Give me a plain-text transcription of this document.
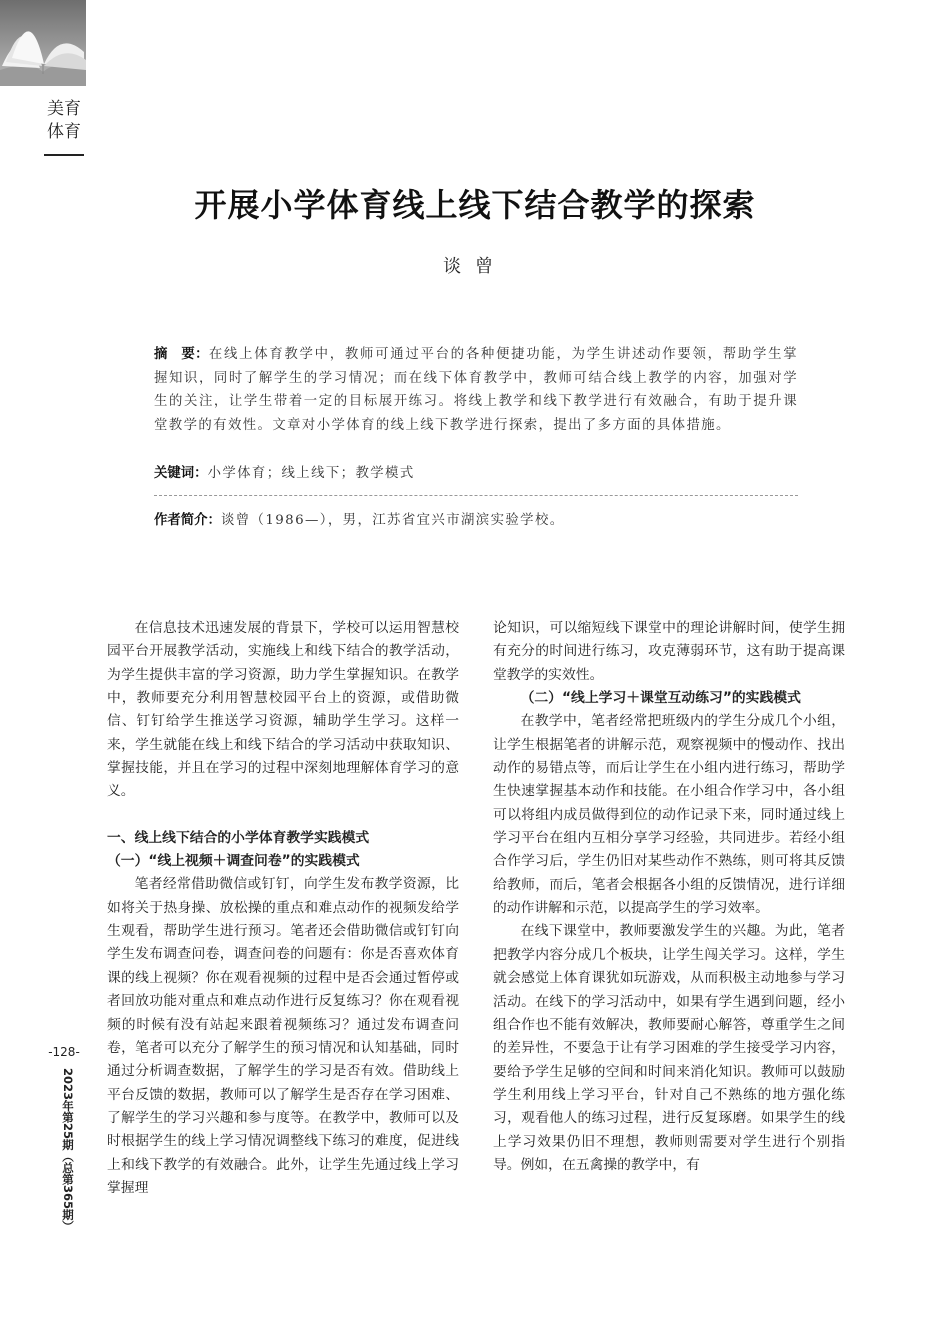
美育
体育
开展小学体育线上线下结合教学的探索
谈曾
摘　要：在线上体育教学中，教师可通过平台的各种便捷功能，为学生讲述动作要领，帮助学生掌握知识，同时了解学生的学习情况；而在线下体育教学中，教师可结合线上教学的内容，加强对学生的关注，让学生带着一定的目标展开练习。将线上教学和线下教学进行有效融合，有助于提升课堂教学的有效性。文章对小学体育的线上线下教学进行探索，提出了多方面的具体措施。
关键词：小学体育；线上线下；教学模式
作者简介：谈曾（1986—），男，江苏省宜兴市湖滨实验学校。

在信息技术迅速发展的背景下，学校可以运用智慧校园平台开展教学活动，实施线上和线下结合的教学活动，为学生提供丰富的学习资源，助力学生掌握知识。在教学中，教师要充分利用智慧校园平台上的资源，或借助微信、钉钉给学生推送学习资源，辅助学生学习。这样一来，学生就能在线上和线下结合的学习活动中获取知识、掌握技能，并且在学习的过程中深刻地理解体育学习的意义。

一、线上线下结合的小学体育教学实践模式
（一）“线上视频＋调查问卷”的实践模式

笔者经常借助微信或钉钉，向学生发布教学资源，比如将关于热身操、放松操的重点和难点动作的视频发给学生观看，帮助学生进行预习。笔者还会借助微信或钉钉向学生发布调查问卷，调查问卷的问题有：你是否喜欢体育课的线上视频？你在观看视频的过程中是否会通过暂停或者回放功能对重点和难点动作进行反复练习？你在观看视频的时候有没有站起来跟着视频练习？通过发布调查问卷，笔者可以充分了解学生的预习情况和认知基础，同时通过分析调查数据，了解学生的学习是否有效。借助线上平台反馈的数据，教师可以了解学生是否存在学习困难、了解学生的学习兴趣和参与度等。在教学中，教师可以及时根据学生的线上学习情况调整线下练习的难度，促进线上和线下教学的有效融合。此外，让学生先通过线上学习掌握理

论知识，可以缩短线下课堂中的理论讲解时间，使学生拥有充分的时间进行练习，攻克薄弱环节，这有助于提高课堂教学的实效性。

（二）“线上学习＋课堂互动练习”的实践模式

在教学中，笔者经常把班级内的学生分成几个小组，让学生根据笔者的讲解示范，观察视频中的慢动作、找出动作的易错点等，而后让学生在小组内进行练习，帮助学生快速掌握基本动作和技能。在小组合作学习中，各小组可以将组内成员做得到位的动作记录下来，同时通过线上学习平台在组内互相分享学习经验，共同进步。若经小组合作学习后，学生仍旧对某些动作不熟练，则可将其反馈给教师，而后，笔者会根据各小组的反馈情况，进行详细的动作讲解和示范，以提高学生的学习效率。

在线下课堂中，教师要激发学生的兴趣。为此，笔者把教学内容分成几个板块，让学生闯关学习。这样，学生就会感觉上体育课犹如玩游戏，从而积极主动地参与学习活动。在线下的学习活动中，如果有学生遇到问题，经小组合作也不能有效解决，教师要耐心解答，尊重学生之间的差异性，不要急于让有学习困难的学生接受学习内容，要给予学生足够的空间和时间来消化知识。教师可以鼓励学生利用线上学习平台，针对自己不熟练的地方强化练习，观看他人的练习过程，进行反复琢磨。如果学生的线上学习效果仍旧不理想，教师则需要对学生进行个别指导。例如，在五禽操的教学中，有

-128-
2023年第25期（总第365期）
